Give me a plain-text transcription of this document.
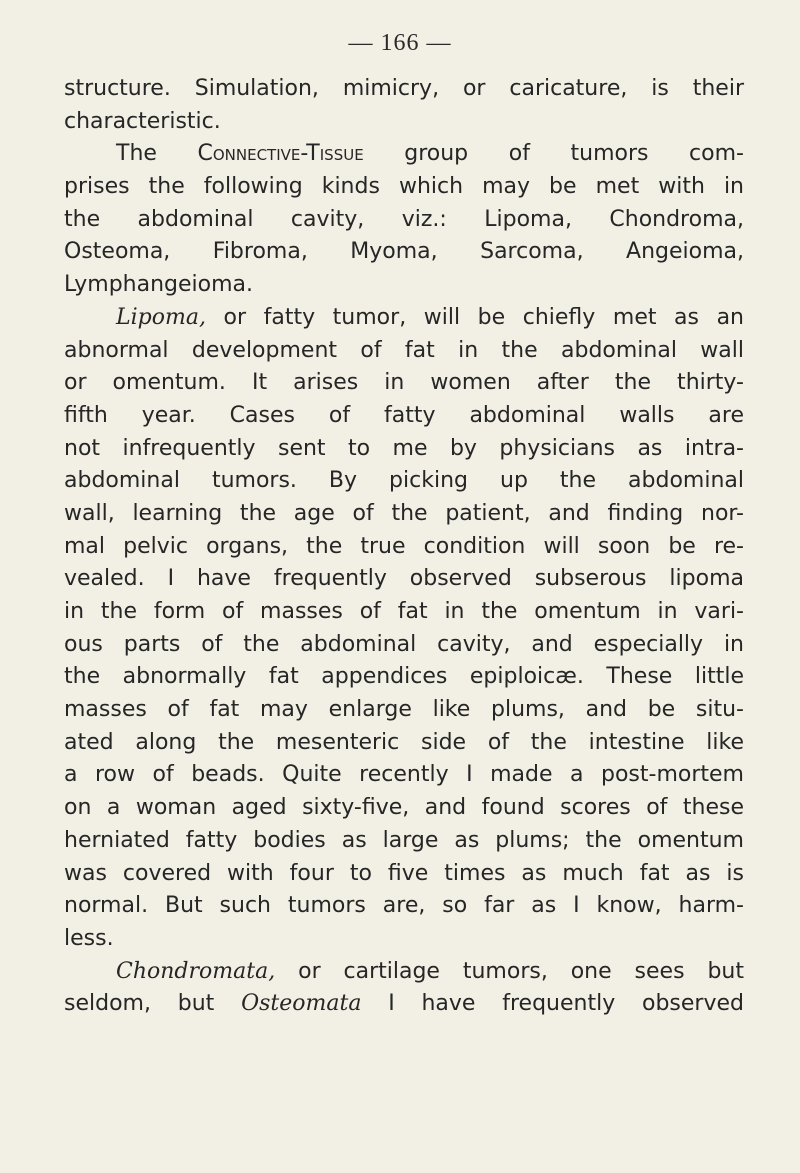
— 166 —
structure. Simulation, mimicry, or caricature, is their
characteristic.
The Connective-Tissue group of tumors com-
prises the following kinds which may be met with in
the abdominal cavity, viz.: Lipoma, Chondroma,
Osteoma, Fibroma, Myoma, Sarcoma, Angeioma,
Lymphangeioma.
Lipoma, or fatty tumor, will be chiefly met as an
abnormal development of fat in the abdominal wall
or omentum. It arises in women after the thirty-
fifth year. Cases of fatty abdominal walls are
not infrequently sent to me by physicians as intra-
abdominal tumors. By picking up the abdominal
wall, learning the age of the patient, and finding nor-
mal pelvic organs, the true condition will soon be re-
vealed. I have frequently observed subserous lipoma
in the form of masses of fat in the omentum in vari-
ous parts of the abdominal cavity, and especially in
the abnormally fat appendices epiploicæ. These little
masses of fat may enlarge like plums, and be situ-
ated along the mesenteric side of the intestine like
a row of beads. Quite recently I made a post-mortem
on a woman aged sixty-five, and found scores of these
herniated fatty bodies as large as plums; the omentum
was covered with four to five times as much fat as is
normal. But such tumors are, so far as I know, harm-
less.
Chondromata, or cartilage tumors, one sees but
seldom, but Osteomata I have frequently observed
